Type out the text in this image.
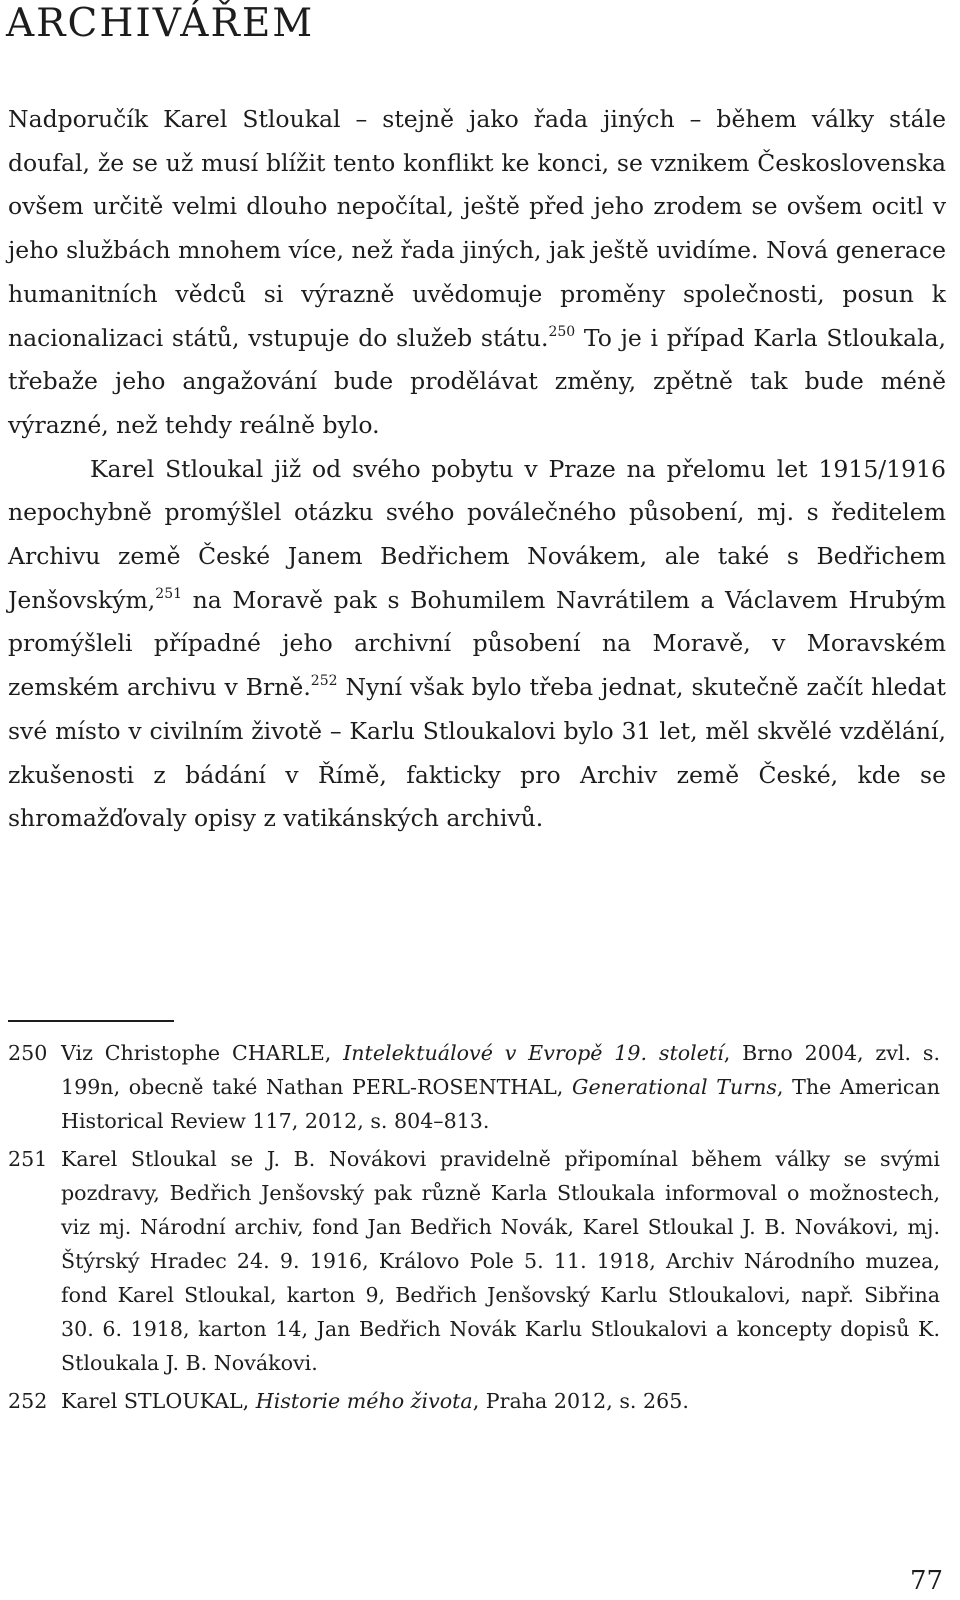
ARCHIVÁŘEM

Nadporučík Karel Stloukal – stejně jako řada jiných – během války stále doufal, že se už musí blížit tento konflikt ke konci, se vznikem Československa ovšem určitě velmi dlouho nepočítal, ještě před jeho zrodem se ovšem ocitl v jeho službách mnohem více, než řada jiných, jak ještě uvidíme. Nová generace humanitních vědců si výrazně uvědomuje proměny společnosti, posun k nacionalizaci států, vstupuje do služeb státu.$^{250}$ To je i případ Karla Stloukala, třebaže jeho angažování bude prodělávat změny, zpětně tak bude méně výrazné, než tehdy reálně bylo.

Karel Stloukal již od svého pobytu v Praze na přelomu let 1915/1916 nepochybně promýšlel otázku svého poválečného působení, mj. s ředitelem Archivu země České Janem Bedřichem Novákem, ale také s Bedřichem Jenšovským,$^{251}$ na Moravě pak s Bohumilem Navrátilem a Václavem Hrubým promýšleli případné jeho archivní působení na Moravě, v Moravském zemském archivu v Brně.$^{252}$ Nyní však bylo třeba jednat, skutečně začít hledat své místo v civilním životě – Karlu Stloukalovi bylo 31 let, měl skvělé vzdělání, zkušenosti z bádání v Římě, fakticky pro Archiv země České, kde se shromažďovaly opisy z vatikánských archivů.

250 Viz Christophe CHARLE, Intelektuálové v Evropě 19. století, Brno 2004, zvl. s. 199n, obecně také Nathan PERL-ROSENTHAL, Generational Turns, The American Historical Review 117, 2012, s. 804–813.
251 Karel Stloukal se J. B. Novákovi pravidelně připomínal během války se svými pozdravy, Bedřich Jenšovský pak různě Karla Stloukala informoval o možnostech, viz mj. Národní archiv, fond Jan Bedřich Novák, Karel Stloukal J. B. Novákovi, mj. Štýrský Hradec 24. 9. 1916, Královo Pole 5. 11. 1918, Archiv Národního muzea, fond Karel Stloukal, karton 9, Bedřich Jenšovský Karlu Stloukalovi, např. Sibřina 30. 6. 1918, karton 14, Jan Bedřich Novák Karlu Stloukalovi a koncepty dopisů K. Stloukala J. B. Novákovi.
252 Karel STLOUKAL, Historie mého života, Praha 2012, s. 265.
77
